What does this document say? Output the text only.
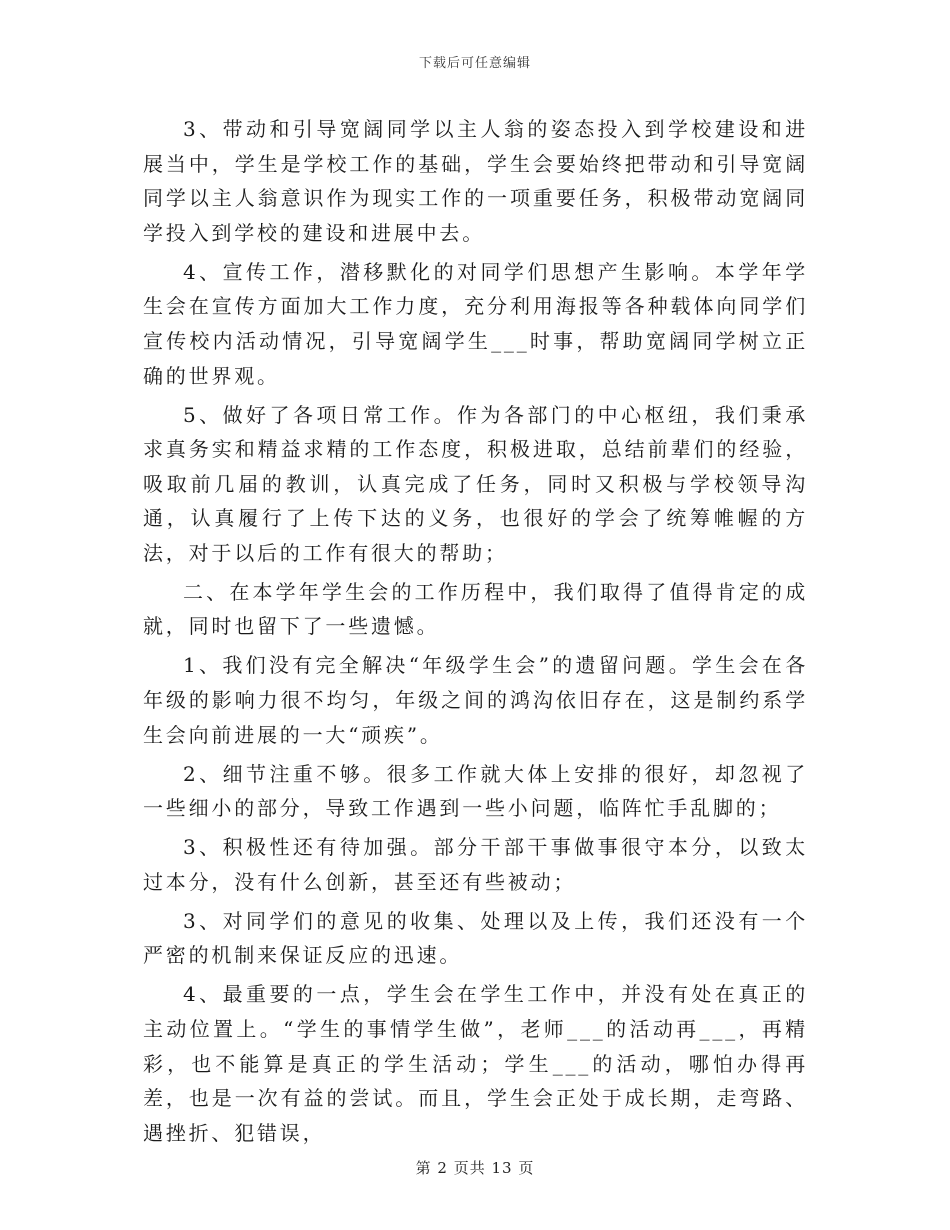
下载后可任意编辑

3、带动和引导宽阔同学以主人翁的姿态投入到学校建设和进展当中，学生是学校工作的基础，学生会要始终把带动和引导宽阔同学以主人翁意识作为现实工作的一项重要任务，积极带动宽阔同学投入到学校的建设和进展中去。

4、宣传工作，潜移默化的对同学们思想产生影响。本学年学生会在宣传方面加大工作力度，充分利用海报等各种载体向同学们宣传校内活动情况，引导宽阔学生___时事，帮助宽阔同学树立正确的世界观。

5、做好了各项日常工作。作为各部门的中心枢纽，我们秉承求真务实和精益求精的工作态度，积极进取，总结前辈们的经验，吸取前几届的教训，认真完成了任务，同时又积极与学校领导沟通，认真履行了上传下达的义务，也很好的学会了统筹帷幄的方法，对于以后的工作有很大的帮助；

二、在本学年学生会的工作历程中，我们取得了值得肯定的成就，同时也留下了一些遗憾。

1、我们没有完全解决“年级学生会”的遗留问题。学生会在各年级的影响力很不均匀，年级之间的鸿沟依旧存在，这是制约系学生会向前进展的一大“顽疾”。

2、细节注重不够。很多工作就大体上安排的很好，却忽视了一些细小的部分，导致工作遇到一些小问题，临阵忙手乱脚的；

3、积极性还有待加强。部分干部干事做事很守本分，以致太过本分，没有什么创新，甚至还有些被动；

3、对同学们的意见的收集、处理以及上传，我们还没有一个严密的机制来保证反应的迅速。

4、最重要的一点，学生会在学生工作中，并没有处在真正的主动位置上。“学生的事情学生做”，老师___的活动再___，再精彩，也不能算是真正的学生活动；学生___的活动，哪怕办得再差，也是一次有益的尝试。而且，学生会正处于成长期，走弯路、遇挫折、犯错误，

第 2 页共 13 页
